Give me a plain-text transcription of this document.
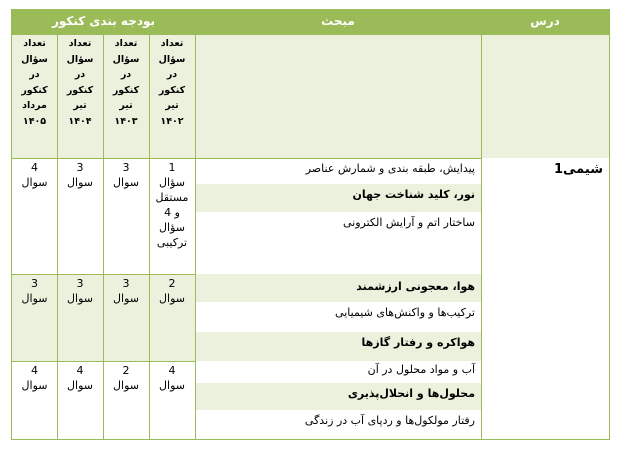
درس
مبحث
بودجه بندی کنکور
تعداد
سؤال
در
کنکور
تیر
۱۴۰۲
تعداد
سؤال
در
کنکور
تیر
۱۴۰۳
تعداد
سؤال
در
کنکور
تیر
۱۴۰۴
تعداد
سؤال
در
کنکور
مرداد
۱۴۰۵
شیمی1
پیدایش، طبقه بندی و شمارش عناصر
نور، کلید شناخت جهان
ساختار اتم و آرایش الکترونی
هوا، معجونی ارزشمند
ترکیب‌ها و واکنش‌های شیمیایی
هواکره و رفتار گازها
آب و مواد محلول در آن
محلول‌ها و انحلال‌پذیری
رفتار مولکول‌ها و ردپای آب در زندگی
1
سؤال
مستقل
و 4
سؤال
ترکیبی
3
سوال
3
سوال
4
سوال
2
سوال
3
سوال
3
سوال
3
سوال
4
سوال
2
سوال
4
سوال
4
سوال
